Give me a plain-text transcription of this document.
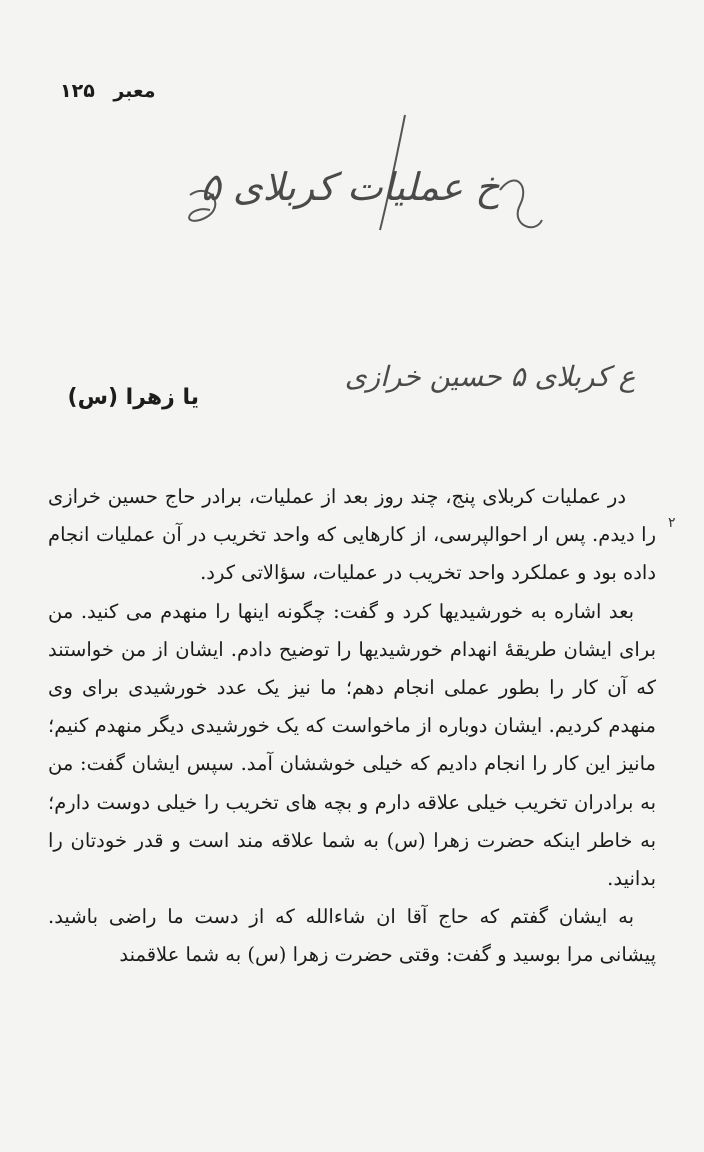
معبر ۱۲۵
خ عملیات کربلای ۵
ع کربلای ۵ حسین خرازی
یا زهرا (س)
۲

در عملیات کربلای پنج، چند روز بعد از عملیات، برادر حاج حسین خرازی را دیدم. پس ار احوالپرسی، از کارهایی که واحد تخریب در آن عملیات انجام داده بود و عملکرد واحد تخریب در عملیات، سؤالاتی کرد.

بعد اشاره به خورشیدیها کرد و گفت: چگونه اینها را منهدم می کنید. من برای ایشان طریقهٔ انهدام خورشیدیها را توضیح دادم. ایشان از من خواستند که آن کار را بطور عملی انجام دهم؛ ما نیز یک عدد خورشیدی برای وی منهدم کردیم. ایشان دوباره از ماخواست که یک خورشیدی دیگر منهدم کنیم؛ مانیز این کار را انجام دادیم که خیلی خوششان آمد. سپس ایشان گفت: من به برادران تخریب خیلی علاقه دارم و بچه های تخریب را خیلی دوست دارم؛ به خاطر اینکه حضرت زهرا (س) به شما علاقه مند است و قدر خودتان را بدانید.

به ایشان گفتم که حاج آقا ان شاءالله که از دست ما راضی باشید. پیشانی مرا بوسید و گفت: وقتی حضرت زهرا (س) به شما علاقمند
